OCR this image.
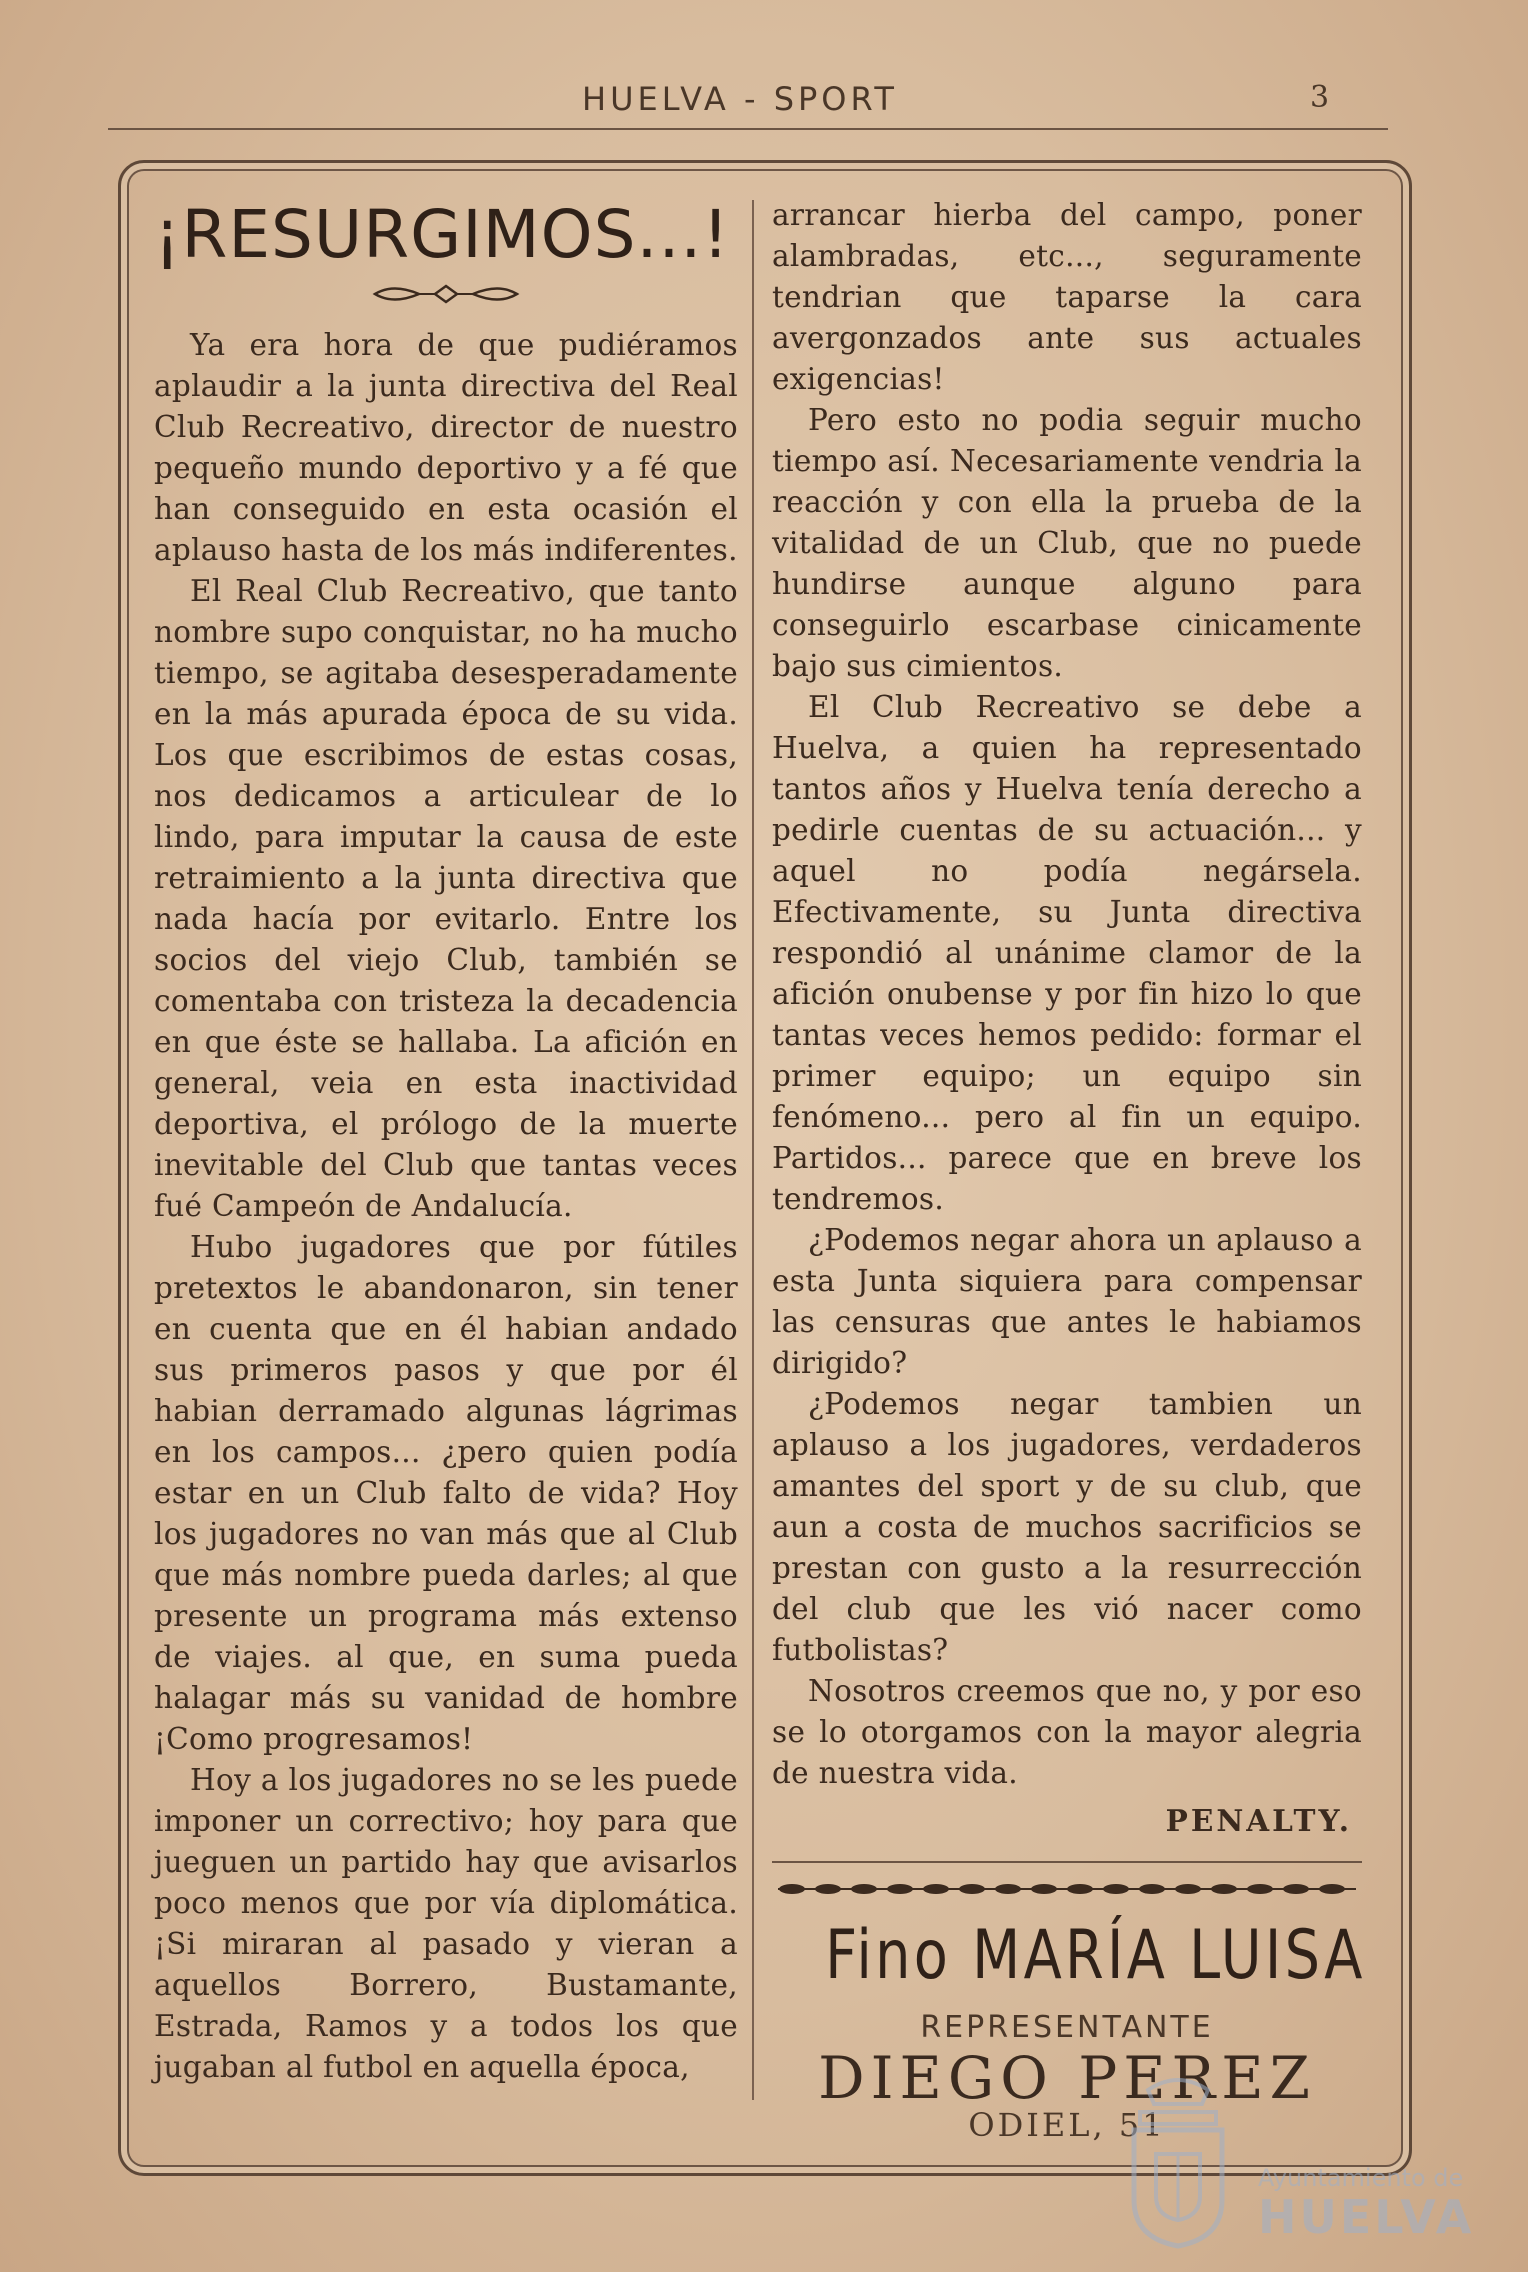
HUELVA - SPORT	3
¡RESURGIMOS...!

Ya era hora de que pudiéramos aplaudir a la junta directiva del Real Club Recreativo, director de nuestro pequeño mundo deportivo y a fé que han conseguido en esta ocasión el aplauso hasta de los más indiferentes.

El Real Club Recreativo, que tanto nombre supo conquistar, no ha mucho tiempo, se agitaba desesperadamente en la más apurada época de su vida. Los que escribimos de estas cosas, nos dedicamos a articulear de lo lindo, para imputar la causa de este retraimiento a la junta directiva que nada hacía por evitarlo. Entre los socios del viejo Club, también se comentaba con tristeza la decadencia en que éste se hallaba. La afición en general, veia en esta inactividad deportiva, el prólogo de la muerte inevitable del Club que tantas veces fué Campeón de Andalucía.

Hubo jugadores que por fútiles pretextos le abandonaron, sin tener en cuenta que en él habian andado sus primeros pasos y que por él habian derramado algunas lágrimas en los campos... ¿pero quien podía estar en un Club falto de vida? Hoy los jugadores no van más que al Club que más nombre pueda darles; al que presente un programa más extenso de viajes. al que, en suma pueda halagar más su vanidad de hombre ¡Como progresamos!

Hoy a los jugadores no se les puede imponer un correctivo; hoy para que jueguen un partido hay que avisarlos poco menos que por vía diplomática. ¡Si miraran al pasado y vieran a aquellos Borrero, Bustamante, Estrada, Ramos y a todos los que jugaban al futbol en aquella época,

arrancar hierba del campo, poner alambradas, etc..., seguramente tendrian que taparse la cara avergonzados ante sus actuales exigencias!

Pero esto no podia seguir mucho tiempo así. Necesariamente vendria la reacción y con ella la prueba de la vitalidad de un Club, que no puede hundirse aunque alguno para conseguirlo escarbase cinicamente bajo sus cimientos.

El Club Recreativo se debe a Huelva, a quien ha representado tantos años y Huelva tenía derecho a pedirle cuentas de su actuación... y aquel no podía negársela. Efectivamente, su Junta directiva respondió al unánime clamor de la afición onubense y por fin hizo lo que tantas veces hemos pedido: formar el primer equipo; un equipo sin fenómeno... pero al fin un equipo. Partidos... parece que en breve los tendremos.

¿Podemos negar ahora un aplauso a esta Junta siquiera para compensar las censuras que antes le habiamos dirigido?

¿Podemos negar tambien un aplauso a los jugadores, verdaderos amantes del sport y de su club, que aun a costa de muchos sacrificios se prestan con gusto a la resurrección del club que les vió nacer como futbolistas?

Nosotros creemos que no, y por eso se lo otorgamos con la mayor alegria de nuestra vida.

PENALTY.
Fino MARÍA LUISA
REPRESENTANTE
DIEGO PEREZ
ODIEL, 51
Ayuntamiento de
HUELVA
